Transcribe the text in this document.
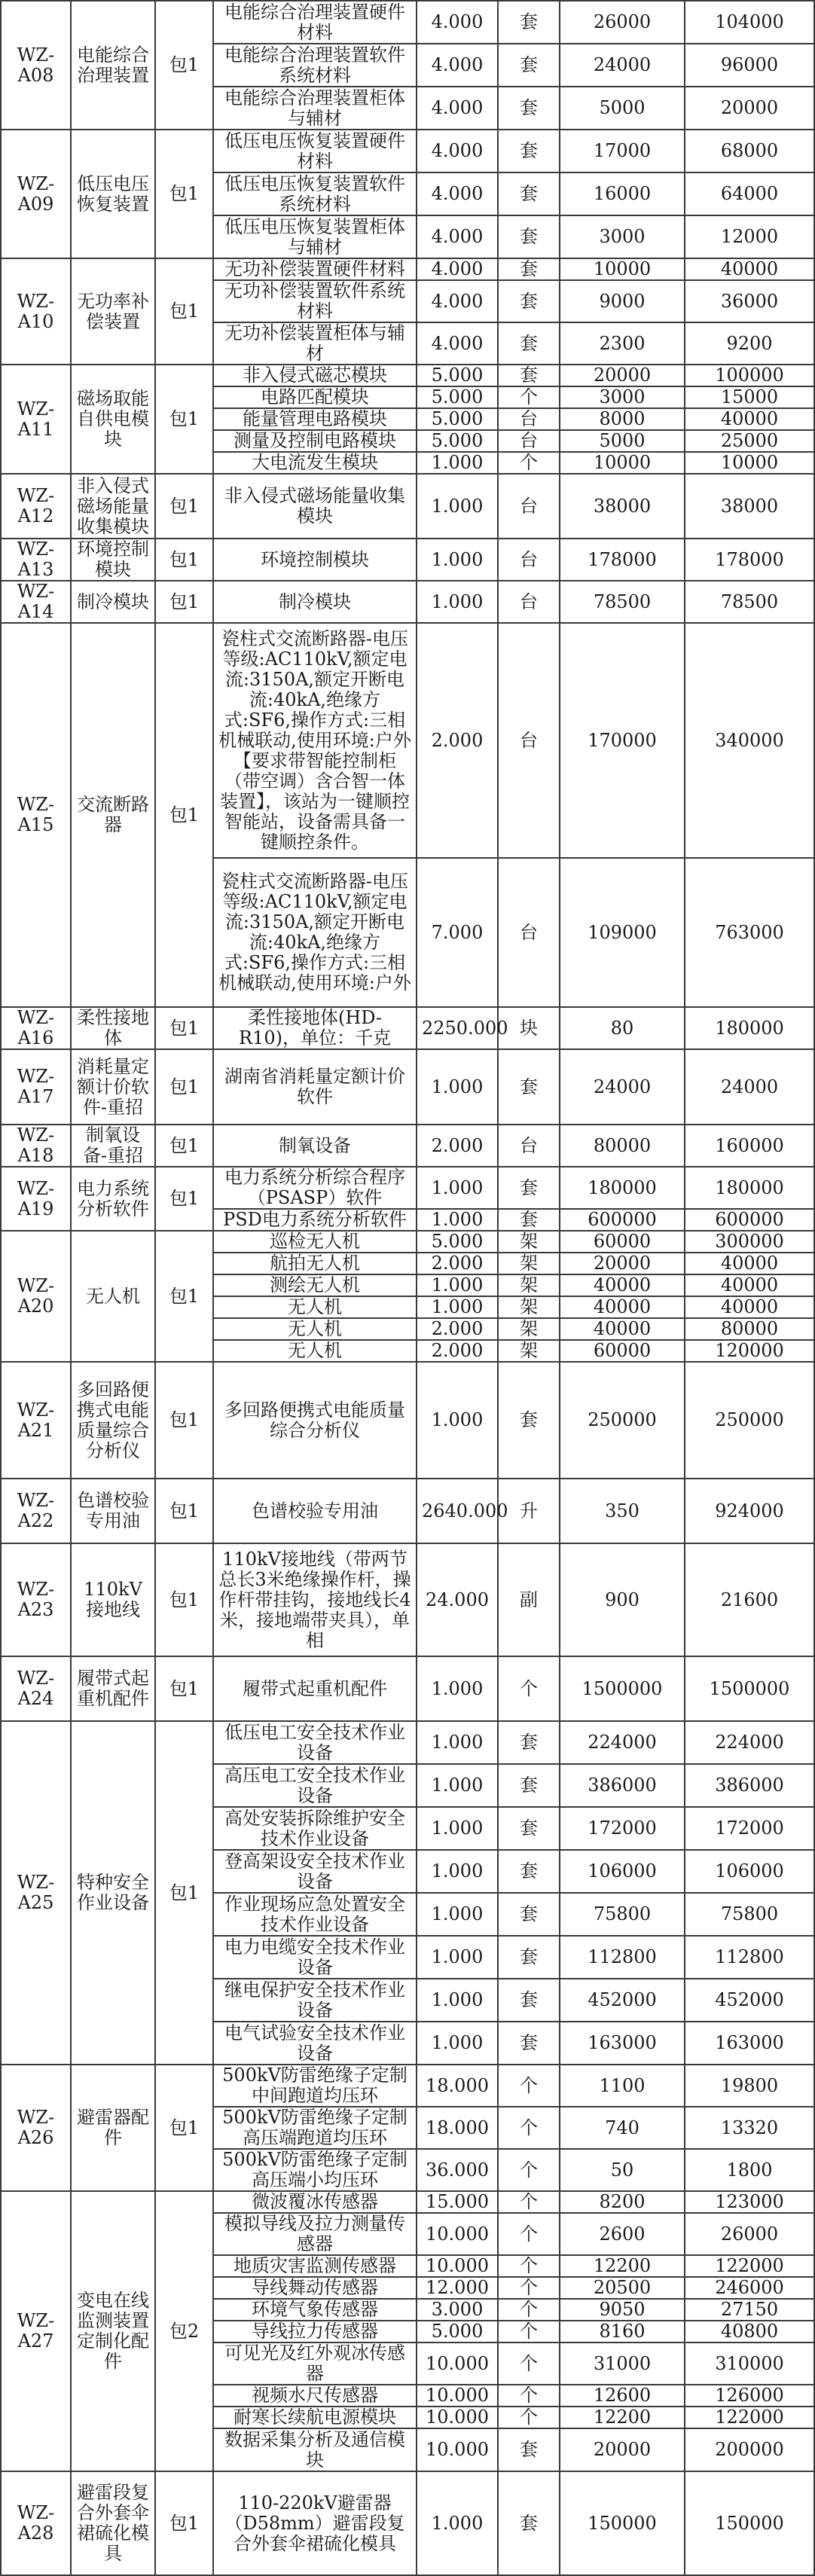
WZ-A08	电能综合治理装置	包1	电能综合治理装置硬件材料	4.000	套	26000	104000
			电能综合治理装置软件系统材料	4.000	套	24000	96000
			电能综合治理装置柜体与辅材	4.000	套	5000	20000
WZ-A09	低压电压恢复装置	包1	低压电压恢复装置硬件材料	4.000	套	17000	68000
			低压电压恢复装置软件系统材料	4.000	套	16000	64000
			低压电压恢复装置柜体与辅材	4.000	套	3000	12000
WZ-A10	无功率补偿装置	包1	无功补偿装置硬件材料	4.000	套	10000	40000
			无功补偿装置软件系统材料	4.000	套	9000	36000
			无功补偿装置柜体与辅材	4.000	套	2300	9200
WZ-A11	磁场取能自供电模块	包1	非入侵式磁芯模块	5.000	套	20000	100000
			电路匹配模块	5.000	个	3000	15000
			能量管理电路模块	5.000	台	8000	40000
			测量及控制电路模块	5.000	台	5000	25000
			大电流发生模块	1.000	个	10000	10000
WZ-A12	非入侵式磁场能量收集模块	包1	非入侵式磁场能量收集模块	1.000	台	38000	38000
WZ-A13	环境控制模块	包1	环境控制模块	1.000	台	178000	178000
WZ-A14	制冷模块	包1	制冷模块	1.000	台	78500	78500
WZ-A15	交流断路器	包1	瓷柱式交流断路器-电压等级:AC110kV,额定电流:3150A,额定开断电流:40kA,绝缘方式:SF6,操作方式:三相机械联动,使用环境:户外【要求带智能控制柜（带空调）含合智一体装置】，该站为一键顺控智能站，设备需具备一键顺控条件。	2.000	台	170000	340000
			瓷柱式交流断路器-电压等级:AC110kV,额定电流:3150A,额定开断电流:40kA,绝缘方式:SF6,操作方式:三相机械联动,使用环境:户外	7.000	台	109000	763000
WZ-A16	柔性接地体	包1	柔性接地体(HD-R10)，单位：千克	2250.000	块	80	180000
WZ-A17	消耗量定额计价软件-重招	包1	湖南省消耗量定额计价软件	1.000	套	24000	24000
WZ-A18	制氧设备-重招	包1	制氧设备	2.000	台	80000	160000
WZ-A19	电力系统分析软件	包1	电力系统分析综合程序（PSASP）软件	1.000	套	180000	180000
			PSD电力系统分析软件	1.000	套	600000	600000
WZ-A20	无人机	包1	巡检无人机	5.000	架	60000	300000
			航拍无人机	2.000	架	20000	40000
			测绘无人机	1.000	架	40000	40000
			无人机	1.000	架	40000	40000
			无人机	2.000	架	40000	80000
			无人机	2.000	架	60000	120000
WZ-A21	多回路便携式电能质量综合分析仪	包1	多回路便携式电能质量综合分析仪	1.000	套	250000	250000
WZ-A22	色谱校验专用油	包1	色谱校验专用油	2640.000	升	350	924000
WZ-A23	110kV接地线	包1	110kV接地线（带两节总长3米绝缘操作杆，操作杆带挂钩，接地线长4米，接地端带夹具），单相	24.000	副	900	21600
WZ-A24	履带式起重机配件	包1	履带式起重机配件	1.000	个	1500000	1500000
WZ-A25	特种安全作业设备	包1	低压电工安全技术作业设备	1.000	套	224000	224000
			高压电工安全技术作业设备	1.000	套	386000	386000
			高处安装拆除维护安全技术作业设备	1.000	套	172000	172000
			登高架设安全技术作业设备	1.000	套	106000	106000
			作业现场应急处置安全技术作业设备	1.000	套	75800	75800
			电力电缆安全技术作业设备	1.000	套	112800	112800
			继电保护安全技术作业设备	1.000	套	452000	452000
			电气试验安全技术作业设备	1.000	套	163000	163000
WZ-A26	避雷器配件	包1	500kV防雷绝缘子定制中间跑道均压环	18.000	个	1100	19800
			500kV防雷绝缘子定制高压端跑道均压环	18.000	个	740	13320
			500kV防雷绝缘子定制高压端小均压环	36.000	个	50	1800
WZ-A27	变电在线监测装置定制化配件	包2	微波覆冰传感器	15.000	个	8200	123000
			模拟导线及拉力测量传感器	10.000	个	2600	26000
			地质灾害监测传感器	10.000	个	12200	122000
			导线舞动传感器	12.000	个	20500	246000
			环境气象传感器	3.000	个	9050	27150
			导线拉力传感器	5.000	个	8160	40800
			可见光及红外观冰传感器	10.000	个	31000	310000
			视频水尺传感器	10.000	个	12600	126000
			耐寒长续航电源模块	10.000	个	12200	122000
			数据采集分析及通信模块	10.000	套	20000	200000
WZ-A28	避雷段复合外套伞裙硫化模具	包1	110-220kV避雷器（D58mm）避雷段复合外套伞裙硫化模具	1.000	套	150000	150000
